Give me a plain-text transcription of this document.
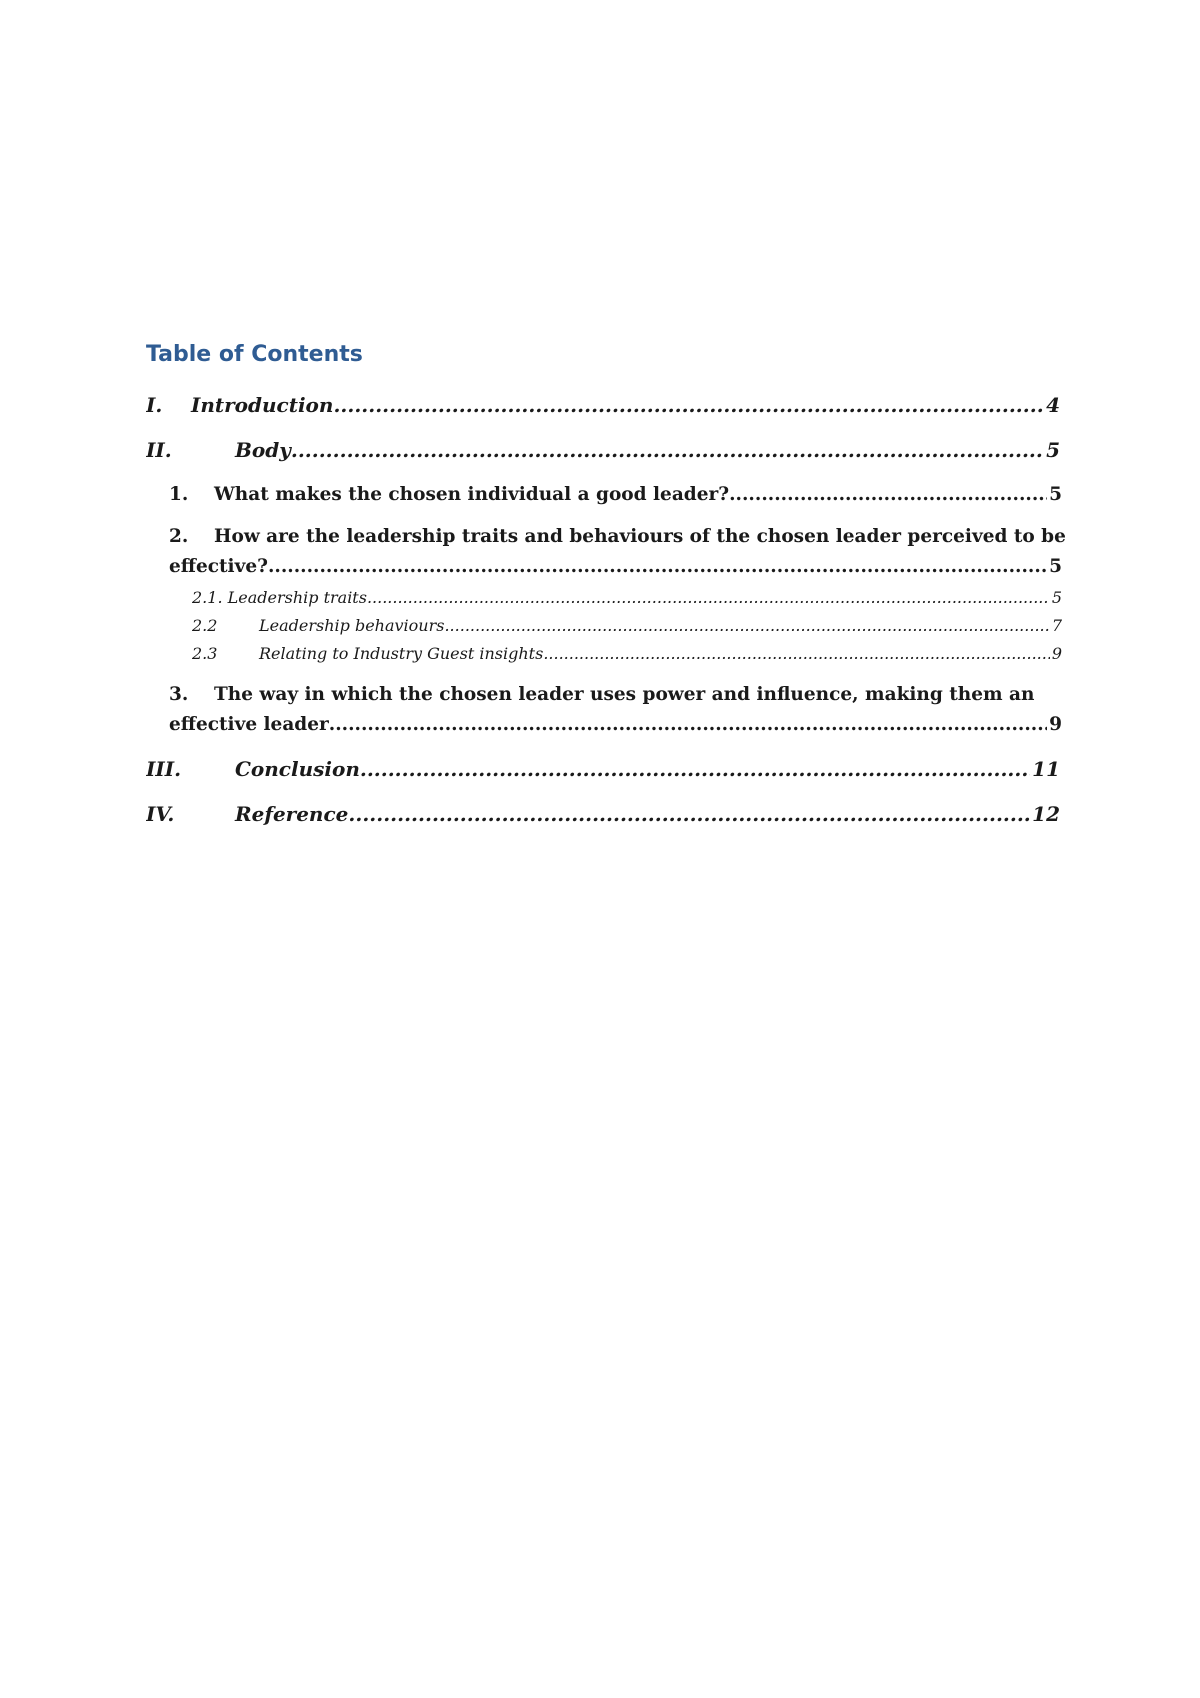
Table of Contents
I.	Introduction .....	4
II.	Body .....	5
1.	What makes the chosen individual a good leader? .....	5
2. How are the leadership traits and behaviours of the chosen leader perceived to be
effective? .....	5
2.1. Leadership traits .....	5
2.2	Leadership behaviours .....	7
2.3	Relating to Industry Guest insights .....	9
3. The way in which the chosen leader uses power and influence, making them an
effective leader .....	9
III.	Conclusion .....	11
IV.	Reference .....	12
